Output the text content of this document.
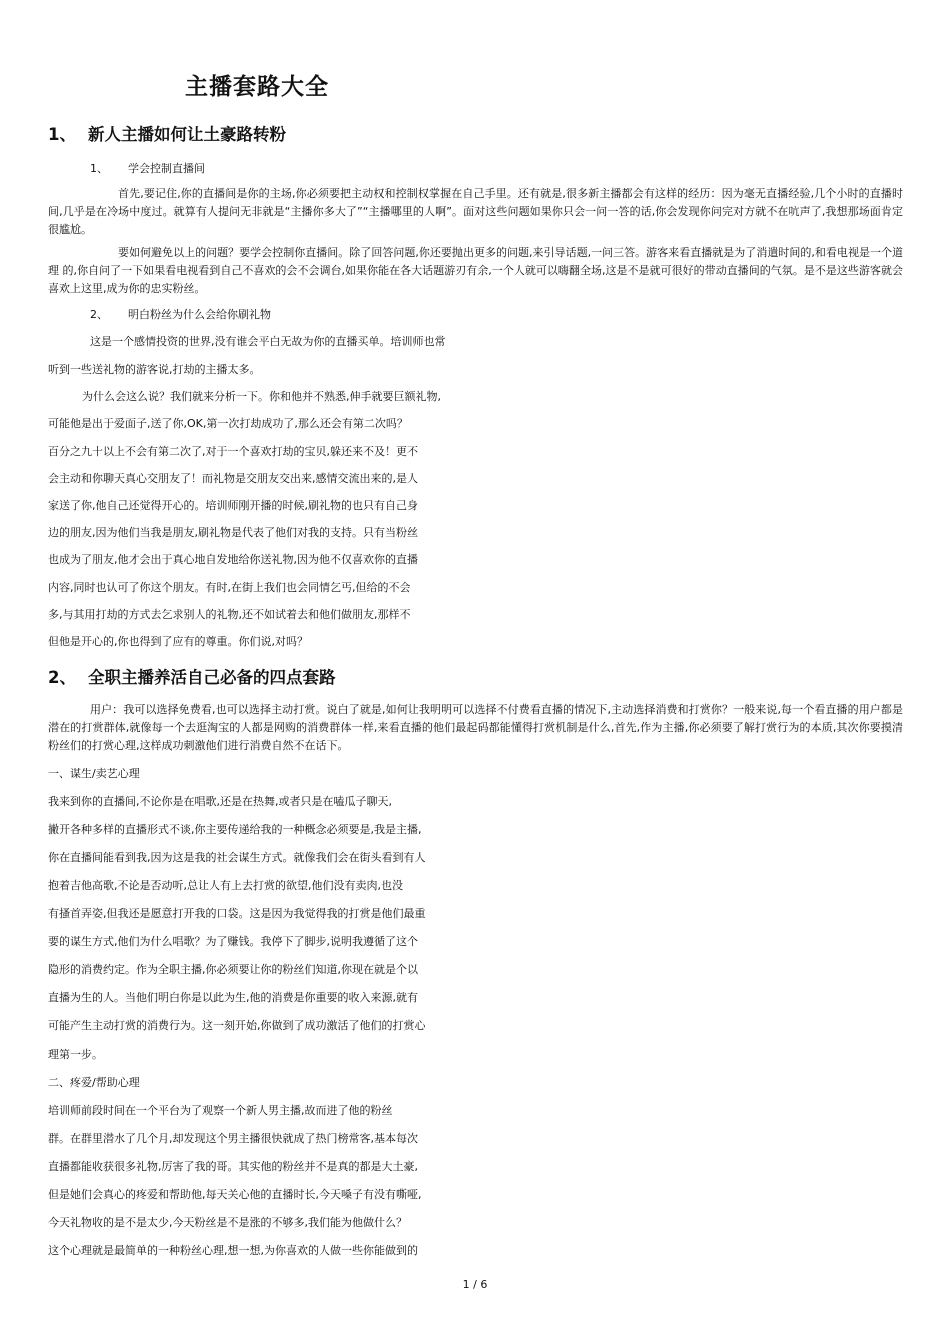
主播套路大全
1、 新人主播如何让土豪路转粉
1、 学会控制直播间
首先,要记住,你的直播间是你的主场,你必须要把主动权和控制权掌握在自己手里。还有就是,很多新主播都会有这样的经历：因为毫无直播经验,几个小时的直播时间,几乎是在冷场中度过。就算有人提问无非就是“主播你多大了”“主播哪里的人啊”。面对这些问题如果你只会一问一答的话,你会发现你问完对方就不在吭声了,我想那场面肯定很尴尬。
要如何避免以上的问题？要学会控制你直播间。除了回答问题,你还要抛出更多的问题,来引导话题,一问三答。游客来看直播就是为了消遣时间的,和看电视是一个道理 的,你自问了一下如果看电视看到自己不喜欢的会不会调台,如果你能在各大话题游刃有余,一个人就可以嗨翻全场,这是不是就可很好的带动直播间的气氛。是不是这些游客就会喜欢上这里,成为你的忠实粉丝。
2、 明白粉丝为什么会给你刷礼物
这是一个感情投资的世界,没有谁会平白无故为你的直播买单。培训师也常
听到一些送礼物的游客说,打劫的主播太多。
为什么会这么说？我们就来分析一下。你和他并不熟悉,伸手就要巨额礼物,
可能他是出于爱面子,送了你,OK,第一次打劫成功了,那么还会有第二次吗？
百分之九十以上不会有第二次了,对于一个喜欢打劫的宝贝,躲还来不及！更不
会主动和你聊天真心交朋友了！而礼物是交朋友交出来,感情交流出来的,是人
家送了你,他自己还觉得开心的。培训师刚开播的时候,刷礼物的也只有自己身
边的朋友,因为他们当我是朋友,刷礼物是代表了他们对我的支持。只有当粉丝
也成为了朋友,他才会出于真心地自发地给你送礼物,因为他不仅喜欢你的直播
内容,同时也认可了你这个朋友。有时,在街上我们也会同情乞丐,但给的不会
多,与其用打劫的方式去乞求别人的礼物,还不如试着去和他们做朋友,那样不
但他是开心的,你也得到了应有的尊重。你们说,对吗？
2、 全职主播养活自己必备的四点套路
用户：我可以选择免费看,也可以选择主动打赏。说白了就是,如何让我明明可以选择不付费看直播的情况下,主动选择消费和打赏你？一般来说,每一个看直播的用户都是潜在的打赏群体,就像每一个去逛淘宝的人都是网购的消费群体一样,来看直播的他们最起码都能懂得打赏机制是什么,首先,作为主播,你必须要了解打赏行为的本质,其次你要摸清粉丝们的打赏心理,这样成功刺激他们进行消费自然不在话下。
一、谋生/卖艺心理
我来到你的直播间,不论你是在唱歌,还是在热舞,或者只是在嗑瓜子聊天,
撇开各种多样的直播形式不谈,你主要传递给我的一种概念必须要是,我是主播,
你在直播间能看到我,因为这是我的社会谋生方式。就像我们会在街头看到有人
抱着吉他高歌,不论是否动听,总让人有上去打赏的欲望,他们没有卖肉,也没
有搔首弄姿,但我还是愿意打开我的口袋。这是因为我觉得我的打赏是他们最重
要的谋生方式,他们为什么唱歌？为了赚钱。我停下了脚步,说明我遵循了这个
隐形的消费约定。作为全职主播,你必须要让你的粉丝们知道,你现在就是个以
直播为生的人。当他们明白你是以此为生,他的消费是你重要的收入来源,就有
可能产生主动打赏的消费行为。这一刻开始,你做到了成功激活了他们的打赏心
理第一步。
二、疼爱/帮助心理
培训师前段时间在一个平台为了观察一个新人男主播,故而进了他的粉丝
群。在群里潜水了几个月,却发现这个男主播很快就成了热门榜常客,基本每次
直播都能收获很多礼物,厉害了我的哥。其实他的粉丝并不是真的都是大土豪,
但是她们会真心的疼爱和帮助他,每天关心他的直播时长,今天嗓子有没有嘶哑,
今天礼物收的是不是太少,今天粉丝是不是涨的不够多,我们能为他做什么？
这个心理就是最简单的一种粉丝心理,想一想,为你喜欢的人做一些你能做到的
1 / 6
